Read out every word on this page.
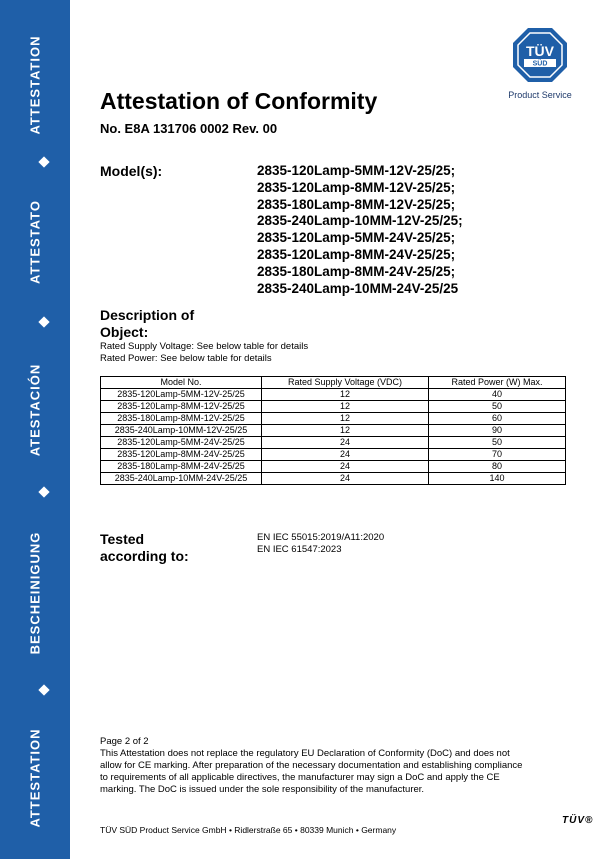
ATTESTATION
ATTESTATO
ATESTACIÓN
BESCHEINIGUNG
ATTESTATION
TÜV
SÜD
Product Service
Attestation of Conformity
No. E8A 131706 0002 Rev. 00
Model(s):	2835-120Lamp-5MM-12V-25/25;
2835-120Lamp-8MM-12V-25/25;
2835-180Lamp-8MM-12V-25/25;
2835-240Lamp-10MM-12V-25/25;
2835-120Lamp-5MM-24V-25/25;
2835-120Lamp-8MM-24V-25/25;
2835-180Lamp-8MM-24V-25/25;
2835-240Lamp-10MM-24V-25/25
Description of
Object:
Rated Supply Voltage: See below table for details
Rated Power: See below table for details
Model No.	Rated Supply Voltage (VDC)	Rated Power (W) Max.
2835-120Lamp-5MM-12V-25/25	12	40
2835-120Lamp-8MM-12V-25/25	12	50
2835-180Lamp-8MM-12V-25/25	12	60
2835-240Lamp-10MM-12V-25/25	12	90
2835-120Lamp-5MM-24V-25/25	24	50
2835-120Lamp-8MM-24V-25/25	24	70
2835-180Lamp-8MM-24V-25/25	24	80
2835-240Lamp-10MM-24V-25/25	24	140
Tested
according to:
EN IEC 55015:2019/A11:2020
EN IEC 61547:2023
Page 2 of 2
This Attestation does not replace the regulatory EU Declaration of Conformity (DoC) and does not
allow for CE marking. After preparation of the necessary documentation and establishing compliance
to requirements of all applicable directives, the manufacturer may sign a DoC and apply the CE
marking. The DoC is issued under the sole responsibility of the manufacturer.
TÜV SÜD Product Service GmbH • Ridlerstraße 65 • 80339 Munich • Germany
TÜV®
